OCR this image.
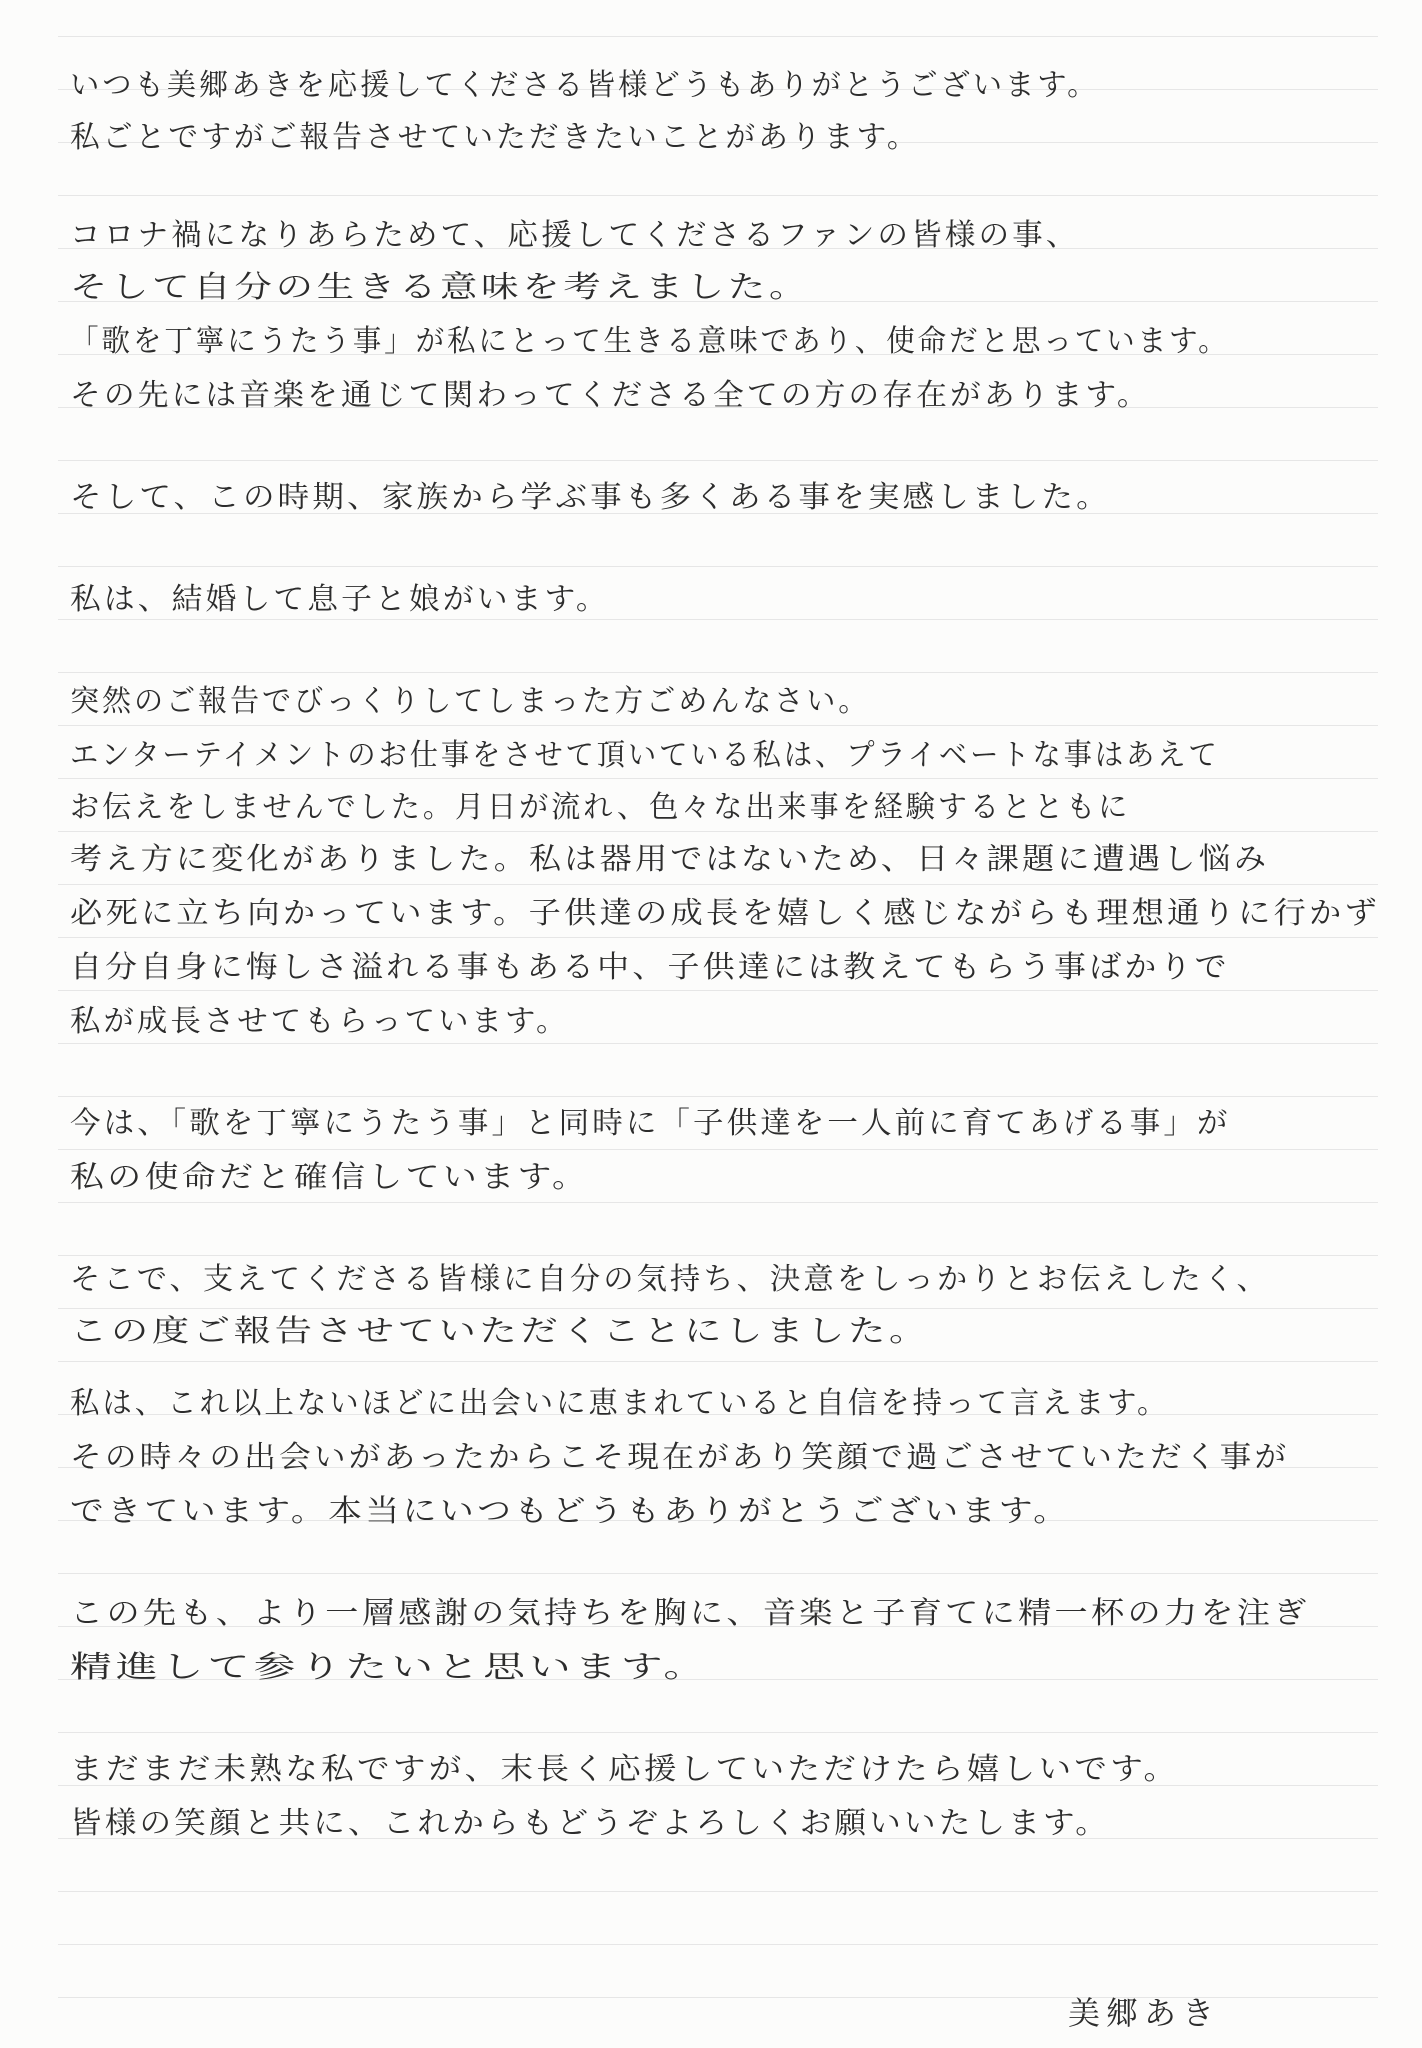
いつも美郷あきを応援してくださる皆様どうもありがとうございます。
私ごとですがご報告させていただきたいことがあります。
コロナ禍になりあらためて、応援してくださるファンの皆様の事、
そして自分の生きる意味を考えました。
「歌を丁寧にうたう事」が私にとって生きる意味であり、使命だと思っています。
その先には音楽を通じて関わってくださる全ての方の存在があります。
そして、この時期、家族から学ぶ事も多くある事を実感しました。
私は、結婚して息子と娘がいます。
突然のご報告でびっくりしてしまった方ごめんなさい。
エンターテイメントのお仕事をさせて頂いている私は、プライベートな事はあえて
お伝えをしませんでした。月日が流れ、色々な出来事を経験するとともに
考え方に変化がありました。私は器用ではないため、日々課題に遭遇し悩み
必死に立ち向かっています。子供達の成長を嬉しく感じながらも理想通りに行かず
自分自身に悔しさ溢れる事もある中、子供達には教えてもらう事ばかりで
私が成長させてもらっています。
今は、「歌を丁寧にうたう事」と同時に「子供達を一人前に育てあげる事」が
私の使命だと確信しています。
そこで、支えてくださる皆様に自分の気持ち、決意をしっかりとお伝えしたく、
この度ご報告させていただくことにしました。
私は、これ以上ないほどに出会いに恵まれていると自信を持って言えます。
その時々の出会いがあったからこそ現在があり笑顔で過ごさせていただく事が
できています。本当にいつもどうもありがとうございます。
この先も、より一層感謝の気持ちを胸に、音楽と子育てに精一杯の力を注ぎ
精進して参りたいと思います。
まだまだ未熟な私ですが、末長く応援していただけたら嬉しいです。
皆様の笑顔と共に、これからもどうぞよろしくお願いいたします。
美郷あき
